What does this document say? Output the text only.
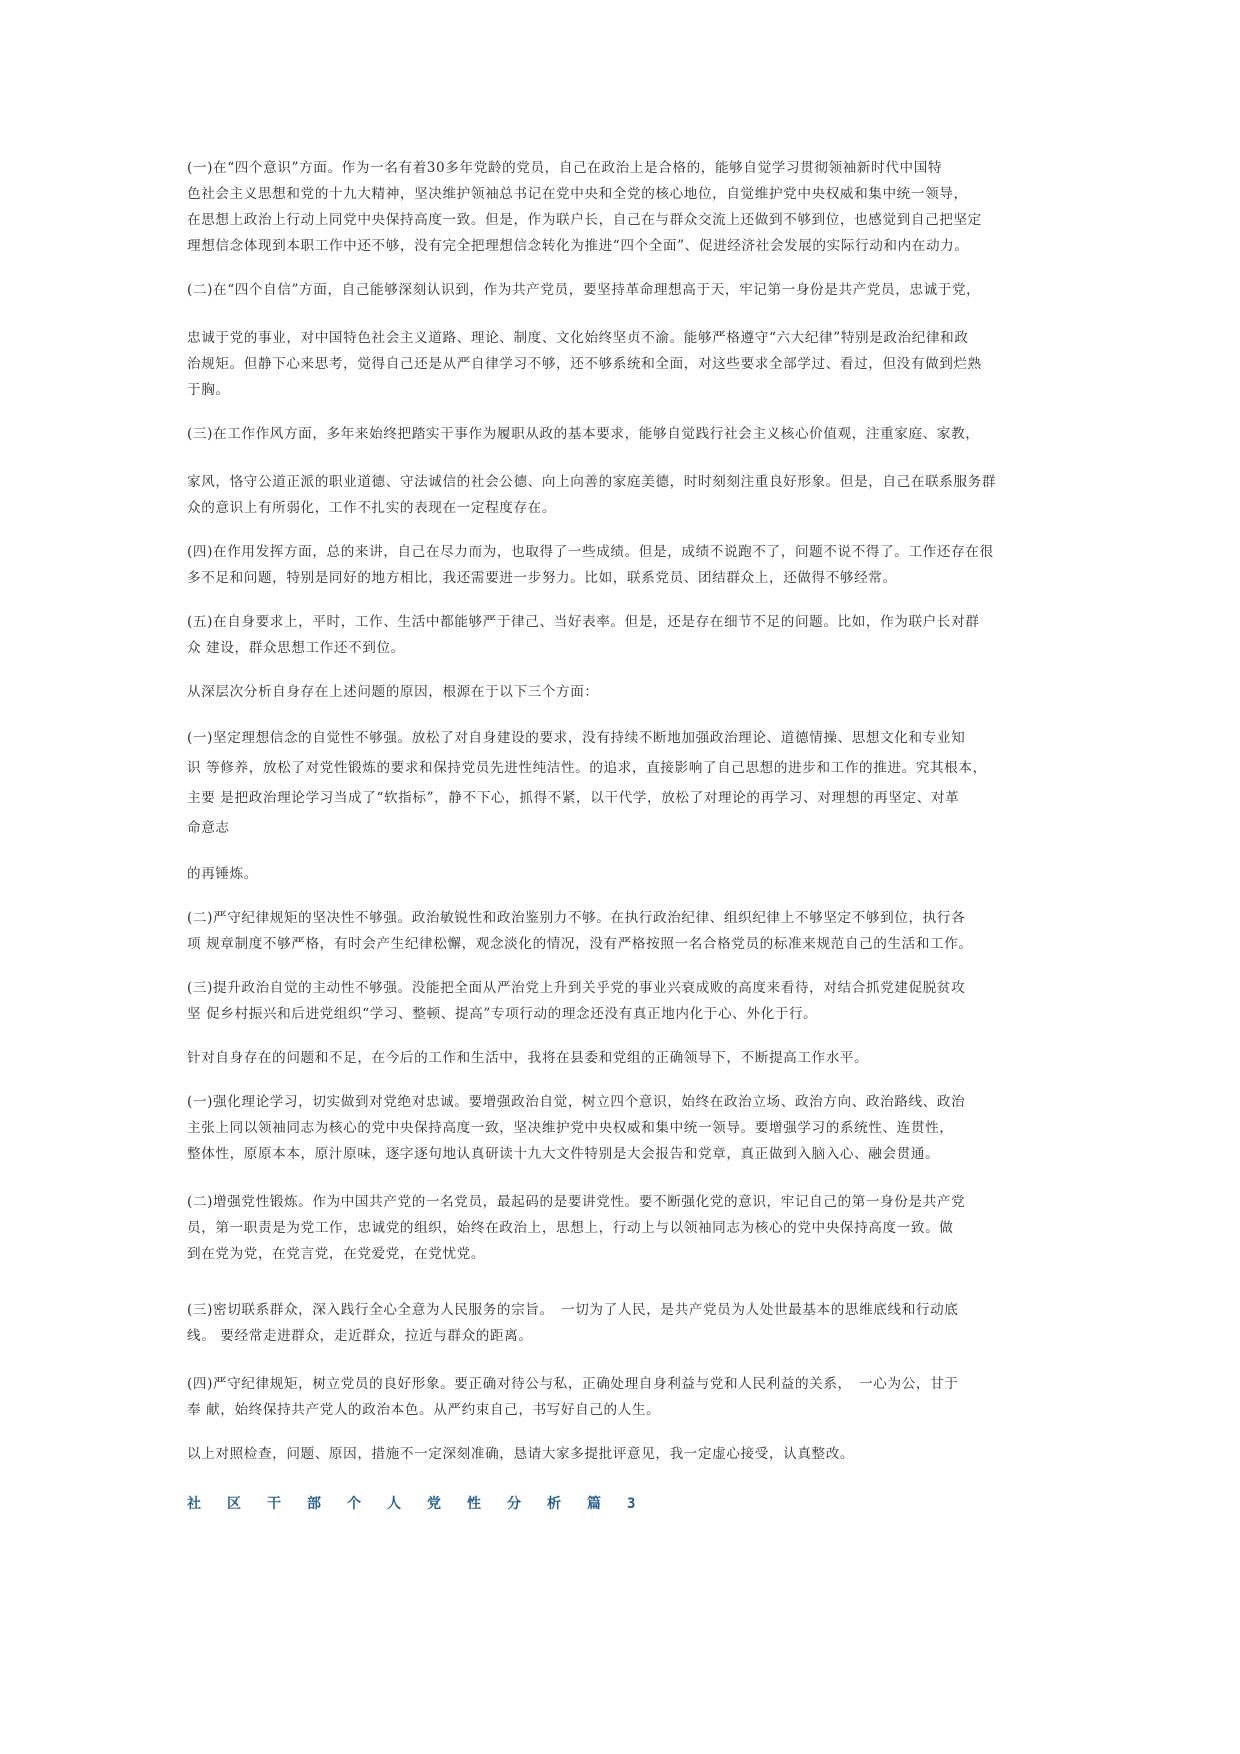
(一)在“四个意识”方面。作为一名有着30多年党龄的党员，自己在政治上是合格的，能够自觉学习贯彻领袖新时代中国特
色社会主义思想和党的十九大精神，坚决维护领袖总书记在党中央和全党的核心地位，自觉维护党中央权威和集中统一领导，
在思想上政治上行动上同党中央保持高度一致。但是，作为联户长，自己在与群众交流上还做到不够到位，也感觉到自己把坚定
理想信念体现到本职工作中还不够，没有完全把理想信念转化为推进“四个全面”、促进经济社会发展的实际行动和内在动力。

(二)在“四个自信”方面，自己能够深刻认识到，作为共产党员，要坚持革命理想高于天，牢记第一身份是共产党员，忠诚于党，

忠诚于党的事业，对中国特色社会主义道路、理论、制度、文化始终坚贞不渝。能够严格遵守“六大纪律”特别是政治纪律和政
治规矩。但静下心来思考，觉得自己还是从严自律学习不够，还不够系统和全面，对这些要求全部学过、看过，但没有做到烂熟
于胸。

(三)在工作作风方面，多年来始终把踏实干事作为履职从政的基本要求，能够自觉践行社会主义核心价值观，注重家庭、家教，

家风，恪守公道正派的职业道德、守法诚信的社会公德、向上向善的家庭美德，时时刻刻注重良好形象。但是，自己在联系服务群
众的意识上有所弱化，工作不扎实的表现在一定程度存在。

(四)在作用发挥方面，总的来讲，自己在尽力而为，也取得了一些成绩。但是，成绩不说跑不了，问题不说不得了。工作还存在很
多不足和问题，特别是同好的地方相比，我还需要进一步努力。比如，联系党员、团结群众上，还做得不够经常。

(五)在自身要求上，平时，工作、生活中都能够严于律己、当好表率。但是，还是存在细节不足的问题。比如，作为联户长对群
众 建设，群众思想工作还不到位。

从深层次分析自身存在上述问题的原因，根源在于以下三个方面：

(一)坚定理想信念的自觉性不够强。放松了对自身建设的要求，没有持续不断地加强政治理论、道德情操、思想文化和专业知
识 等修养，放松了对党性锻炼的要求和保持党员先进性纯洁性。的追求，直接影响了自己思想的进步和工作的推进。究其根本，
主要 是把政治理论学习当成了“软指标”，静不下心，抓得不紧，以干代学，放松了对理论的再学习、对理想的再坚定、对革
命意志

的再锤炼。

(二)严守纪律规矩的坚决性不够强。政治敏锐性和政治鉴别力不够。在执行政治纪律、组织纪律上不够坚定不够到位，执行各
项 规章制度不够严格，有时会产生纪律松懈，观念淡化的情况，没有严格按照一名合格党员的标准来规范自己的生活和工作。

(三)提升政治自觉的主动性不够强。没能把全面从严治党上升到关乎党的事业兴衰成败的高度来看待，对结合抓党建促脱贫攻
坚 促乡村振兴和后进党组织“学习、整顿、提高”专项行动的理念还没有真正地内化于心、外化于行。

针对自身存在的问题和不足，在今后的工作和生活中，我将在县委和党组的正确领导下，不断提高工作水平。

(一)强化理论学习，切实做到对党绝对忠诚。要增强政治自觉，树立四个意识，始终在政治立场、政治方向、政治路线、政治
主张上同以领袖同志为核心的党中央保持高度一致，坚决维护党中央权威和集中统一领导。要增强学习的系统性、连贯性，
整体性，原原本本，原汁原味，逐字逐句地认真研读十九大文件特别是大会报告和党章，真正做到入脑入心、融会贯通。

(二)增强党性锻炼。作为中国共产党的一名党员，最起码的是要讲党性。要不断强化党的意识，牢记自己的第一身份是共产党
员，第一职责是为党工作，忠诚党的组织，始终在政治上，思想上，行动上与以领袖同志为核心的党中央保持高度一致。做
到在党为党，在党言党，在党爱党，在党忧党。

(三)密切联系群众，深入践行全心全意为人民服务的宗旨。　一切为了人民，是共产党员为人处世最基本的思维底线和行动底
线。 要经常走进群众，走近群众，拉近与群众的距离。

(四)严守纪律规矩，树立党员的良好形象。要正确对待公与私，正确处理自身利益与党和人民利益的关系，　一心为公，甘于
奉 献，始终保持共产党人的政治本色。从严约束自己，书写好自己的人生。

以上对照检查，问题、原因，措施不一定深刻准确，恳请大家多提批评意见，我一定虚心接受，认真整改。

社区干部个人党性分析篇3
